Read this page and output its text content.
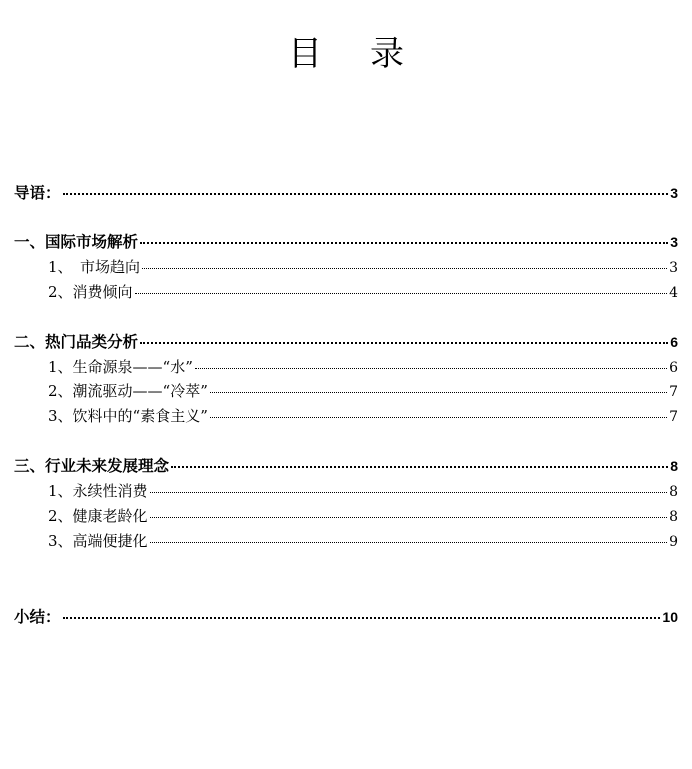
目 录
导语：	3
一、国际市场解析	3
1、　市场趋向	3
2、消费倾向	4
二、热门品类分析	6
1、生命源泉——“水”	6
2、潮流驱动——“冷萃”	7
3、饮料中的“素食主义”	7
三、行业未来发展理念	8
1、永续性消费	8
2、健康老龄化	8
3、高端便捷化	9
小结：	10
